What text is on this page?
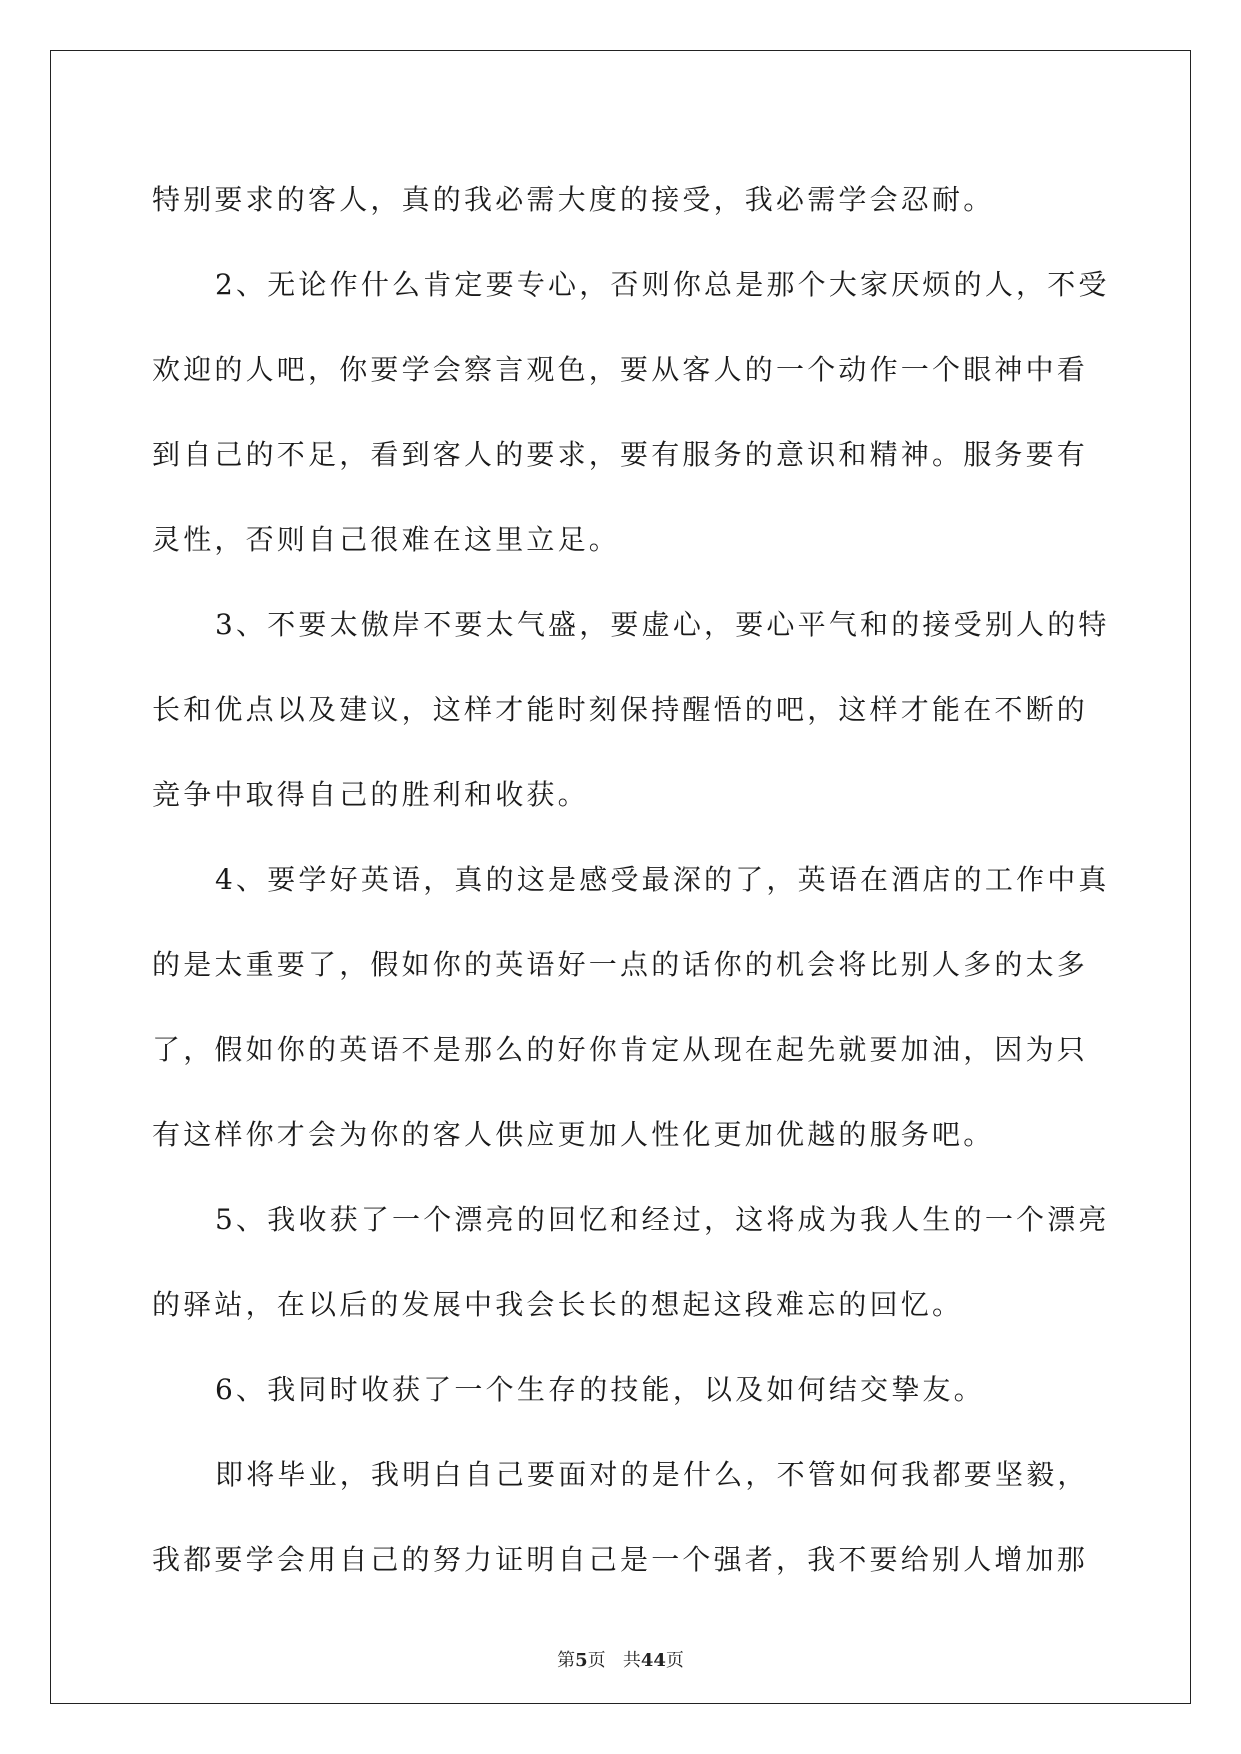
特别要求的客人，真的我必需大度的接受，我必需学会忍耐。
2、无论作什么肯定要专心，否则你总是那个大家厌烦的人，不受
欢迎的人吧，你要学会察言观色，要从客人的一个动作一个眼神中看
到自己的不足，看到客人的要求，要有服务的意识和精神。服务要有
灵性，否则自己很难在这里立足。
3、不要太傲岸不要太气盛，要虚心，要心平气和的接受别人的特
长和优点以及建议，这样才能时刻保持醒悟的吧，这样才能在不断的
竞争中取得自己的胜利和收获。
4、要学好英语，真的这是感受最深的了，英语在酒店的工作中真
的是太重要了，假如你的英语好一点的话你的机会将比别人多的太多
了，假如你的英语不是那么的好你肯定从现在起先就要加油，因为只
有这样你才会为你的客人供应更加人性化更加优越的服务吧。
5、我收获了一个漂亮的回忆和经过，这将成为我人生的一个漂亮
的驿站，在以后的发展中我会长长的想起这段难忘的回忆。
6、我同时收获了一个生存的技能，以及如何结交挚友。
即将毕业，我明白自己要面对的是什么，不管如何我都要坚毅，
我都要学会用自己的努力证明自己是一个强者，我不要给别人增加那
第5页 共44页
